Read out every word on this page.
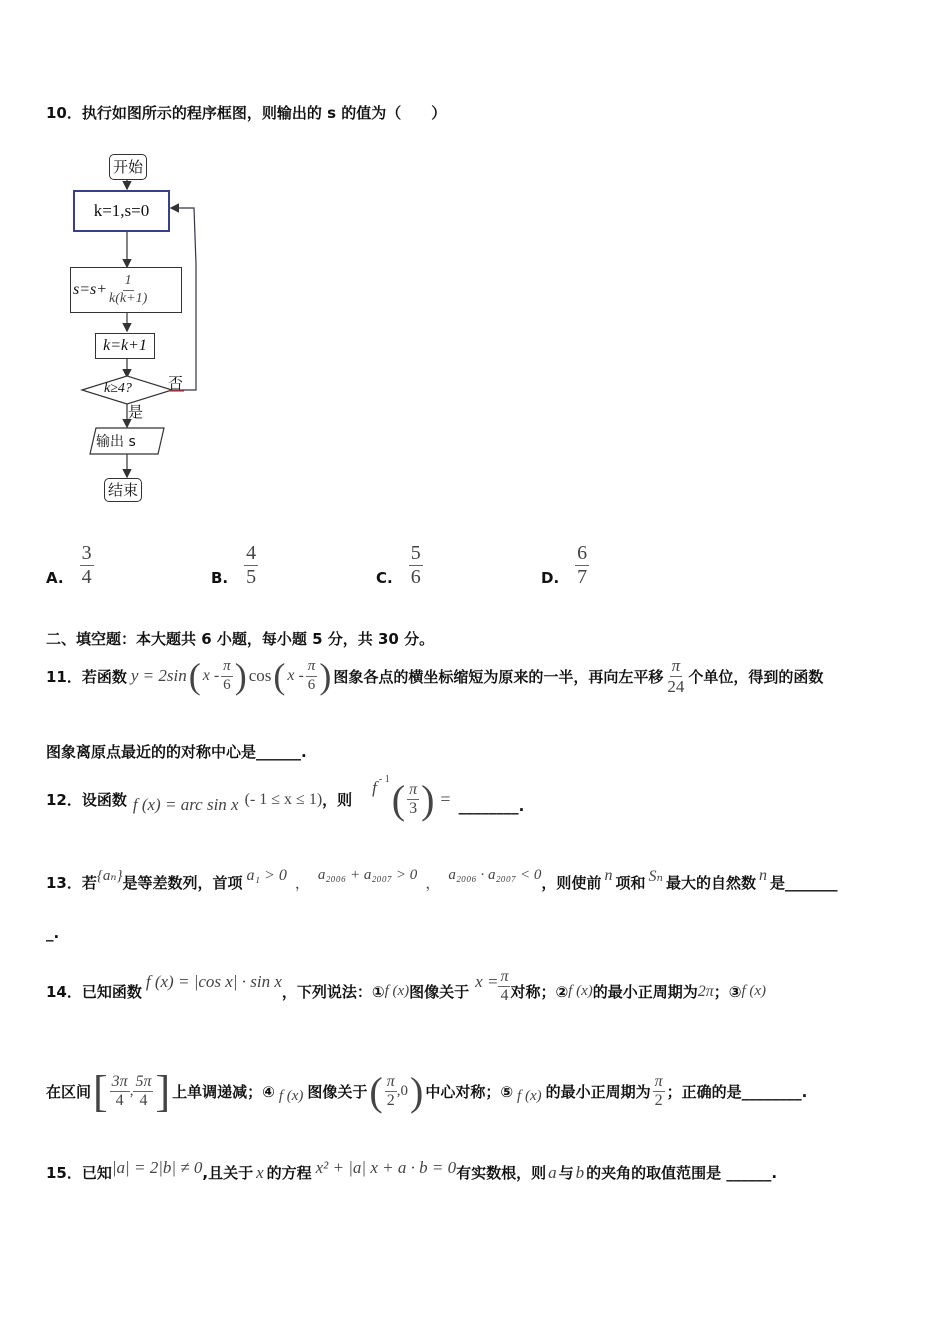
10．执行如图所示的程序框图，则输出的 s 的值为（　　）
开始
k=1,s=0
$s=s+ \frac{1}{k(k+1)}$
k=k+1
k≥4? 否
是
输出 s
结束
A. $\frac{3}{4}$	B. $\frac{4}{5}$	C. $\frac{5}{6}$	D. $\frac{6}{7}$
二、填空题：本大题共 6 小题，每小题 5 分，共 30 分。
11．若函数 y = 2sin ( x - $\frac{\pi}{6}$ ) cos ( x - $\frac{\pi}{6}$ ) 图象各点的横坐标缩短为原来的一半，再向左平移 $\frac{\pi}{24}$ 个单位，得到的函数
图象离原点最近的的对称中心是______.
12．设函数 f (x) = arc sin x (- 1 ≤ x ≤ 1) ，则
f - 1 ( $\frac{\pi}{3}$ ) = ________.
13．若 {aₙ} 是等差数列，首项 a₁ > 0
，
a₂₀₀₆ + a₂₀₀₇ > 0
，
a₂₀₀₆ · a₂₀₀₇ < 0 ，则使前 n 项和 Sₙ 最大的自然数 n 是_______
_.
14．已知函数
f (x) = |cos x| · sin x
，下列说法：① f (x) 图像关于
$x = \frac{\pi}{4}$ 对称；② f (x) 的最小正周期为 2π ；③ f (x)
在区间 [ $\frac{3\pi}{4}$ , $\frac{5\pi}{4}$ ] 上单调递减；④ f (x) 图像关于 ( $\frac{\pi}{2}$ , 0 ) 中心对称；⑤ f (x) 的最小正周期为 $\frac{\pi}{2}$ ；正确的是________.
15．已知 |a| = 2|b| ≠ 0 ,且关于 x 的方程 x² + |a| x + a · b = 0 有实数根，则 a 与 b 的夹角的取值范围是 ______.
